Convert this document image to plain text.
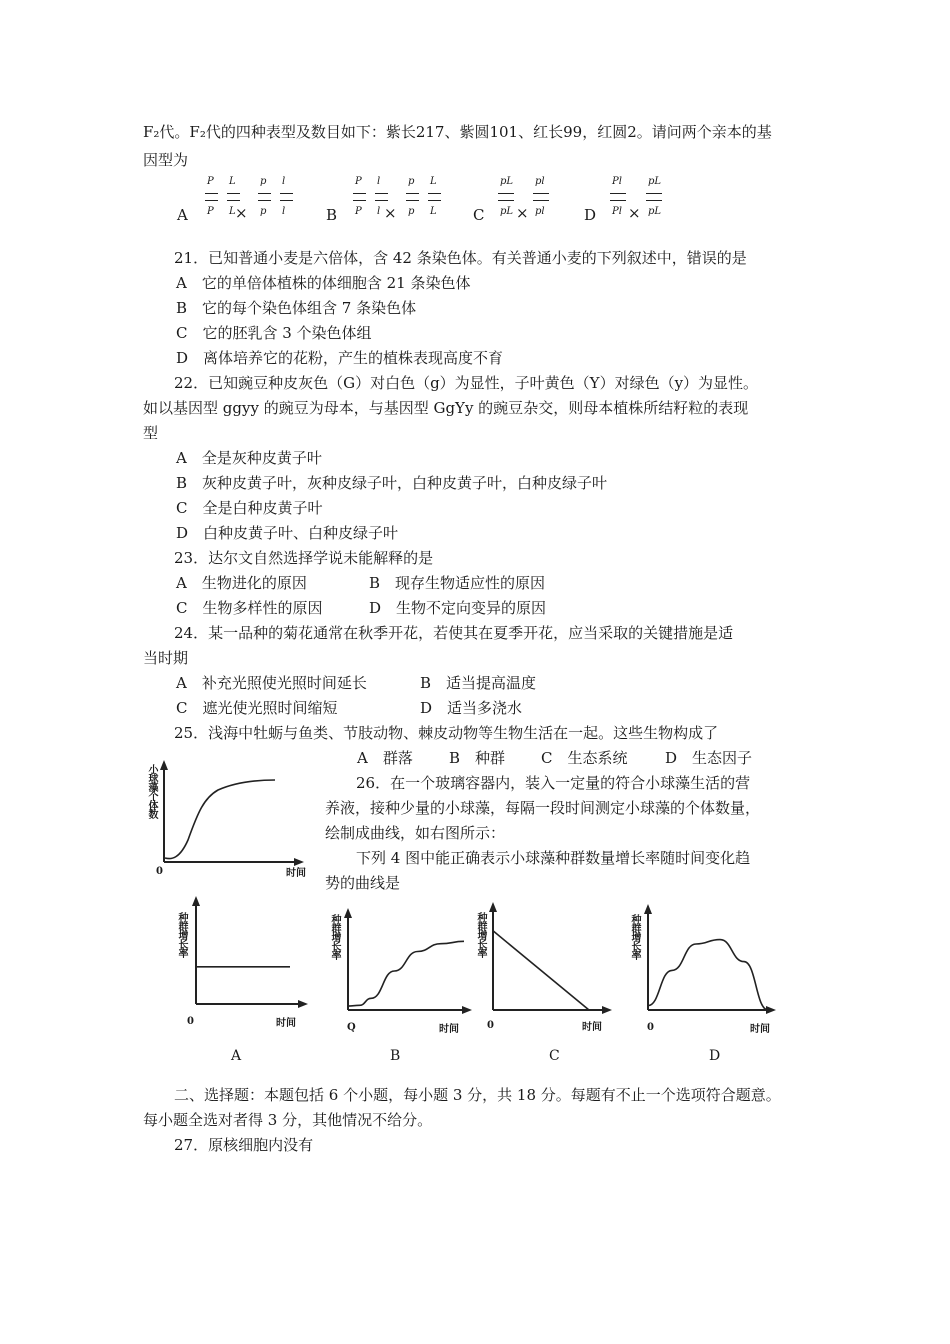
F₂代。F₂代的四种表型及数目如下：紫长217、紫圆101、红长99，红圆2。请问两个亲本的基
因型为
A
P
P
L
L
p
p
l
l
×	B
P
P
l
l
p
p
L
L
×	C
pL
pL
pl
pl
×	D
Pl
Pl
pL
pL
×
21．已知普通小麦是六倍体，含 42 条染色体。有关普通小麦的下列叙述中，错误的是
A　它的单倍体植株的体细胞含 21 条染色体
B　它的每个染色体组含 7 条染色体
C　它的胚乳含 3 个染色体组
D　离体培养它的花粉，产生的植株表现高度不育
22．已知豌豆种皮灰色（G）对白色（g）为显性，子叶黄色（Y）对绿色（y）为显性。
如以基因型 ggyy 的豌豆为母本，与基因型 GgYy 的豌豆杂交，则母本植株所结籽粒的表现
型
A　全是灰种皮黄子叶
B　灰种皮黄子叶，灰种皮绿子叶，白种皮黄子叶，白种皮绿子叶
C　全是白种皮黄子叶
D　白种皮黄子叶、白种皮绿子叶
23．达尔文自然选择学说未能解释的是
A　生物进化的原因	B　现存生物适应性的原因
C　生物多样性的原因	D　生物不定向变异的原因
24．某一品种的菊花通常在秋季开花，若使其在夏季开花，应当采取的关键措施是适
当时期
A　补充光照使光照时间延长	B　适当提高温度
C　遮光使光照时间缩短	D　适当多浇水
25．浅海中牡蛎与鱼类、节肢动物、棘皮动物等生物生活在一起。这些生物构成了
A　群落 B　种群 C　生态系统	D　生态因子
26．在一个玻璃容器内，装入一定量的符合小球藻生活的营
养液，接种少量的小球藻，每隔一段时间测定小球藻的个体数量，
绘制成曲线，如右图所示：
下列 4 图中能正确表示小球藻种群数量增长率随时间变化趋
势的曲线是
小球藻个体数
0	时间
种群增长率
0	时间
A
种群增长率
Q	时间
B
种群增长率
0	时间
C
种群增长率
0	时间
D
二、选择题：本题包括 6 个小题，每小题 3 分，共 18 分。每题有不止一个选项符合题意。
每小题全选对者得 3 分，其他情况不给分。
27．原核细胞内没有
